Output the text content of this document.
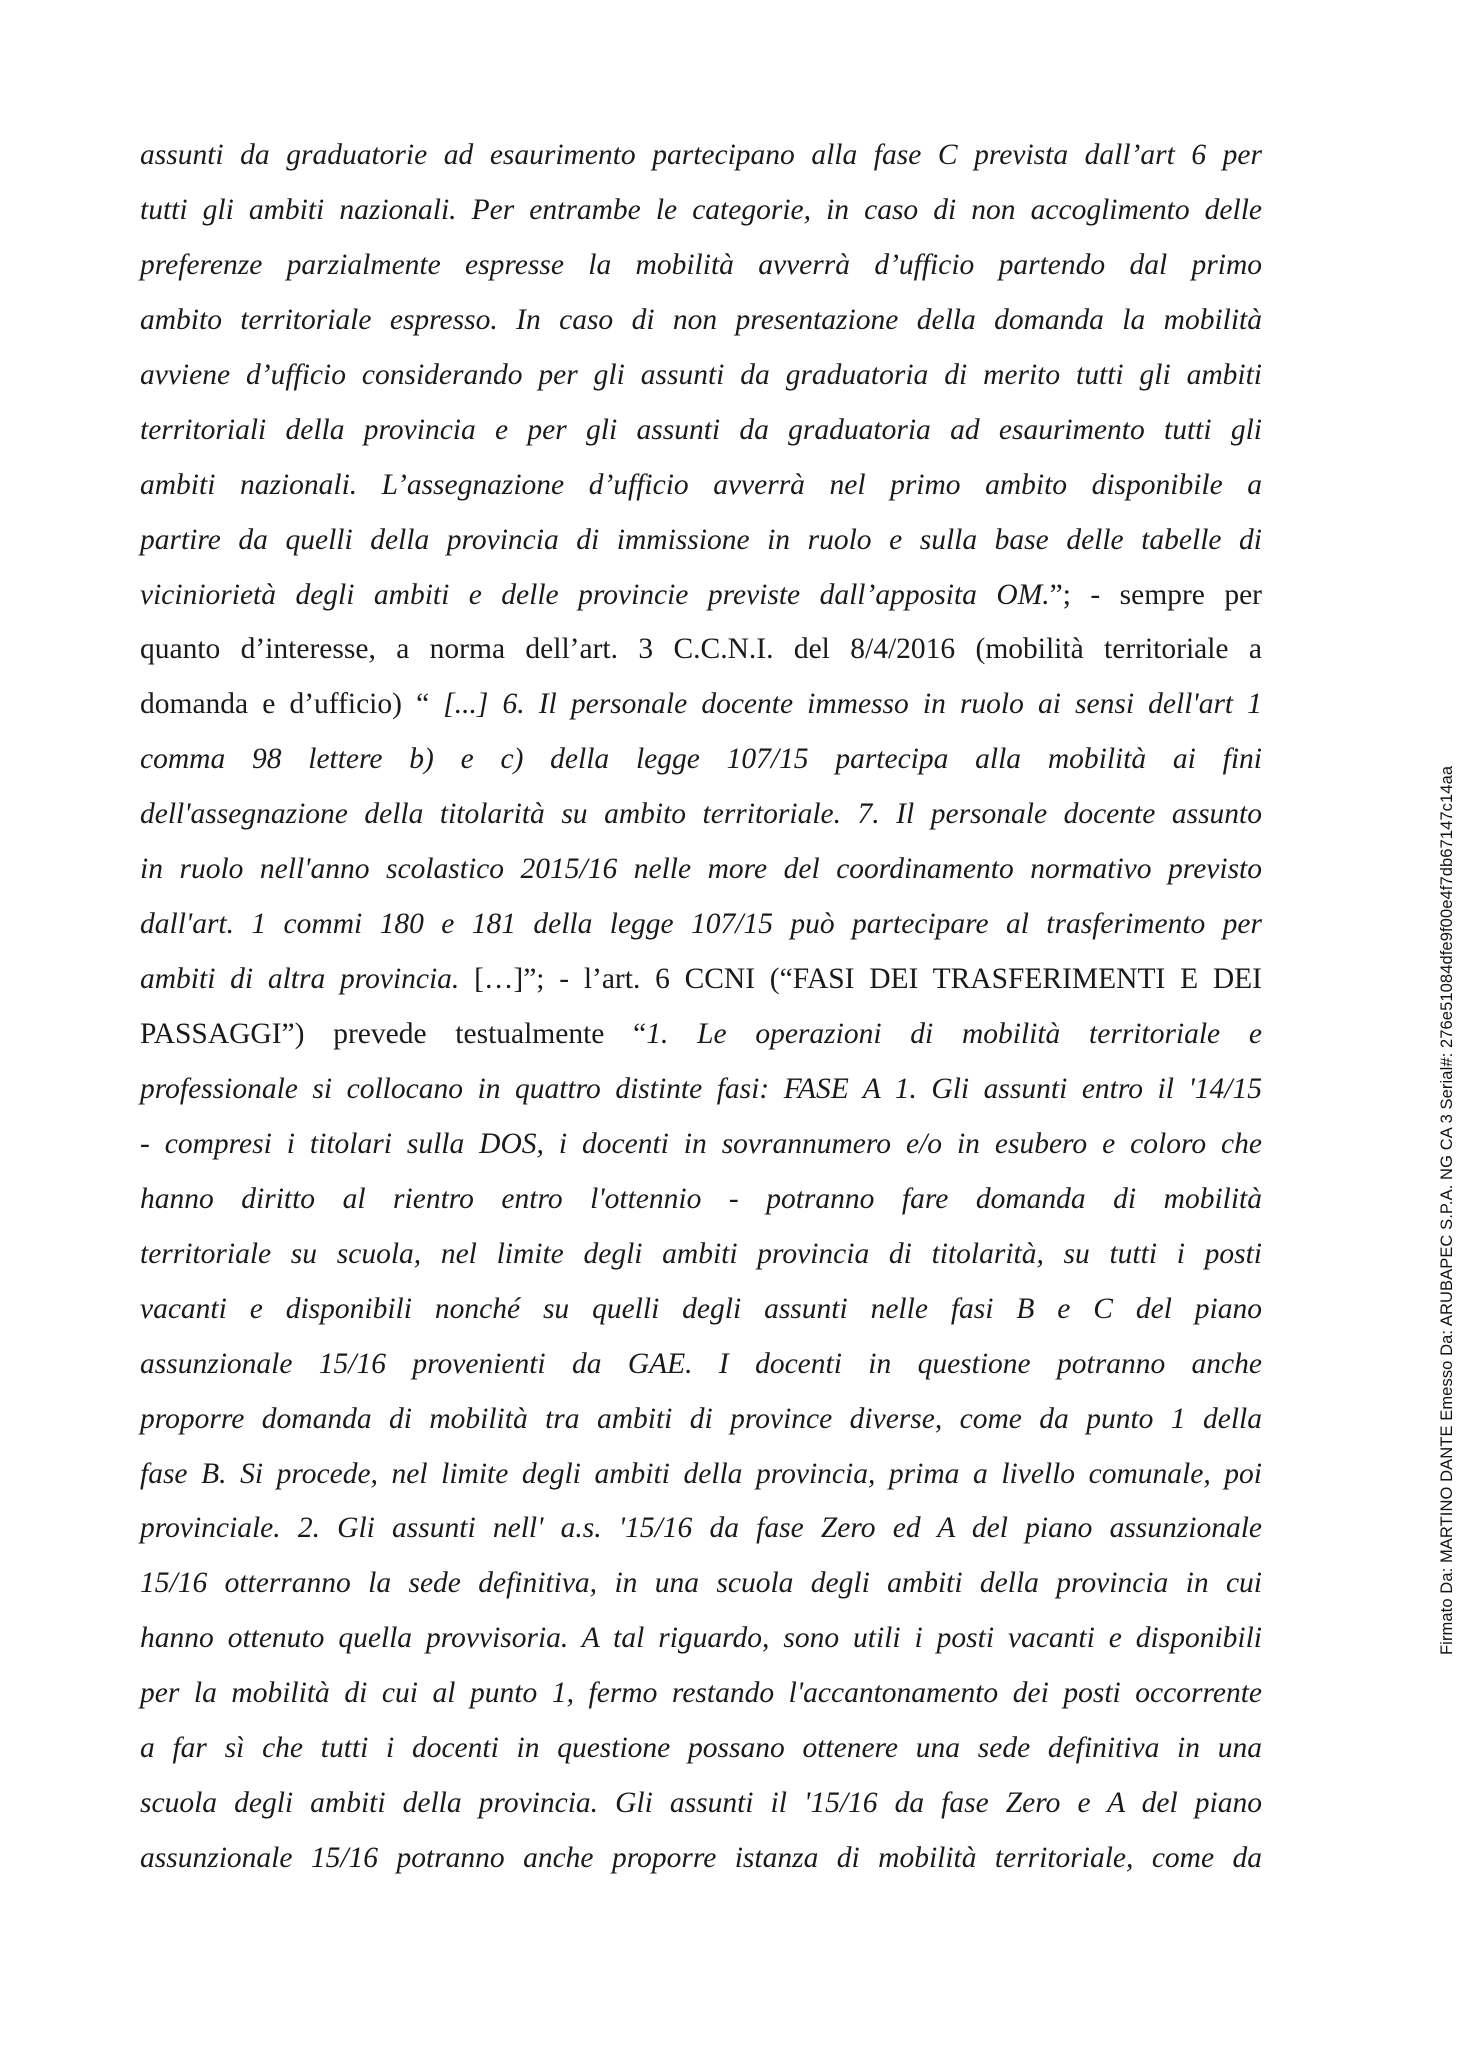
assunti da graduatorie ad esaurimento partecipano alla fase C prevista dall’art 6 per
tutti gli ambiti nazionali. Per entrambe le categorie, in caso di non accoglimento delle
preferenze parzialmente espresse la mobilità avverrà d’ufficio partendo dal primo
ambito territoriale espresso. In caso di non presentazione della domanda la mobilità
avviene d’ufficio considerando per gli assunti da graduatoria di merito tutti gli ambiti
territoriali della provincia e per gli assunti da graduatoria ad esaurimento tutti gli
ambiti nazionali. L’assegnazione d’ufficio avverrà nel primo ambito disponibile a
partire da quelli della provincia di immissione in ruolo e sulla base delle tabelle di
viciniorietà degli ambiti e delle provincie previste dall’apposita OM.”; - sempre per
quanto d’interesse, a norma dell’art. 3 C.C.N.I. del 8/4/2016 (mobilità territoriale a
domanda e d’ufficio) “ [...] 6. Il personale docente immesso in ruolo ai sensi dell'art 1
comma 98 lettere b) e c) della legge 107/15 partecipa alla mobilità ai fini
dell'assegnazione della titolarità su ambito territoriale. 7. Il personale docente assunto
in ruolo nell'anno scolastico 2015/16 nelle more del coordinamento normativo previsto
dall'art. 1 commi 180 e 181 della legge 107/15 può partecipare al trasferimento per
ambiti di altra provincia. […]”; - l’art. 6 CCNI (“FASI DEI TRASFERIMENTI E DEI
PASSAGGI”) prevede testualmente “1. Le operazioni di mobilità territoriale e
professionale si collocano in quattro distinte fasi: FASE A 1. Gli assunti entro il '14/15
- compresi i titolari sulla DOS, i docenti in sovrannumero e/o in esubero e coloro che
hanno diritto al rientro entro l'ottennio - potranno fare domanda di mobilità
territoriale su scuola, nel limite degli ambiti provincia di titolarità, su tutti i posti
vacanti e disponibili nonché su quelli degli assunti nelle fasi B e C del piano
assunzionale 15/16 provenienti da GAE. I docenti in questione potranno anche
proporre domanda di mobilità tra ambiti di province diverse, come da punto 1 della
fase B. Si procede, nel limite degli ambiti della provincia, prima a livello comunale, poi
provinciale. 2. Gli assunti nell' a.s. '15/16 da fase Zero ed A del piano assunzionale
15/16 otterranno la sede definitiva, in una scuola degli ambiti della provincia in cui
hanno ottenuto quella provvisoria. A tal riguardo, sono utili i posti vacanti e disponibili
per la mobilità di cui al punto 1, fermo restando l'accantonamento dei posti occorrente
a far sì che tutti i docenti in questione possano ottenere una sede definitiva in una
scuola degli ambiti della provincia. Gli assunti il '15/16 da fase Zero e A del piano
assunzionale 15/16 potranno anche proporre istanza di mobilità territoriale, come da
Firmato Da: MARTINO DANTE Emesso Da: ARUBAPEC S.P.A. NG CA 3 Serial#: 276e51084dfe9f00e4f7db67147c14aa
